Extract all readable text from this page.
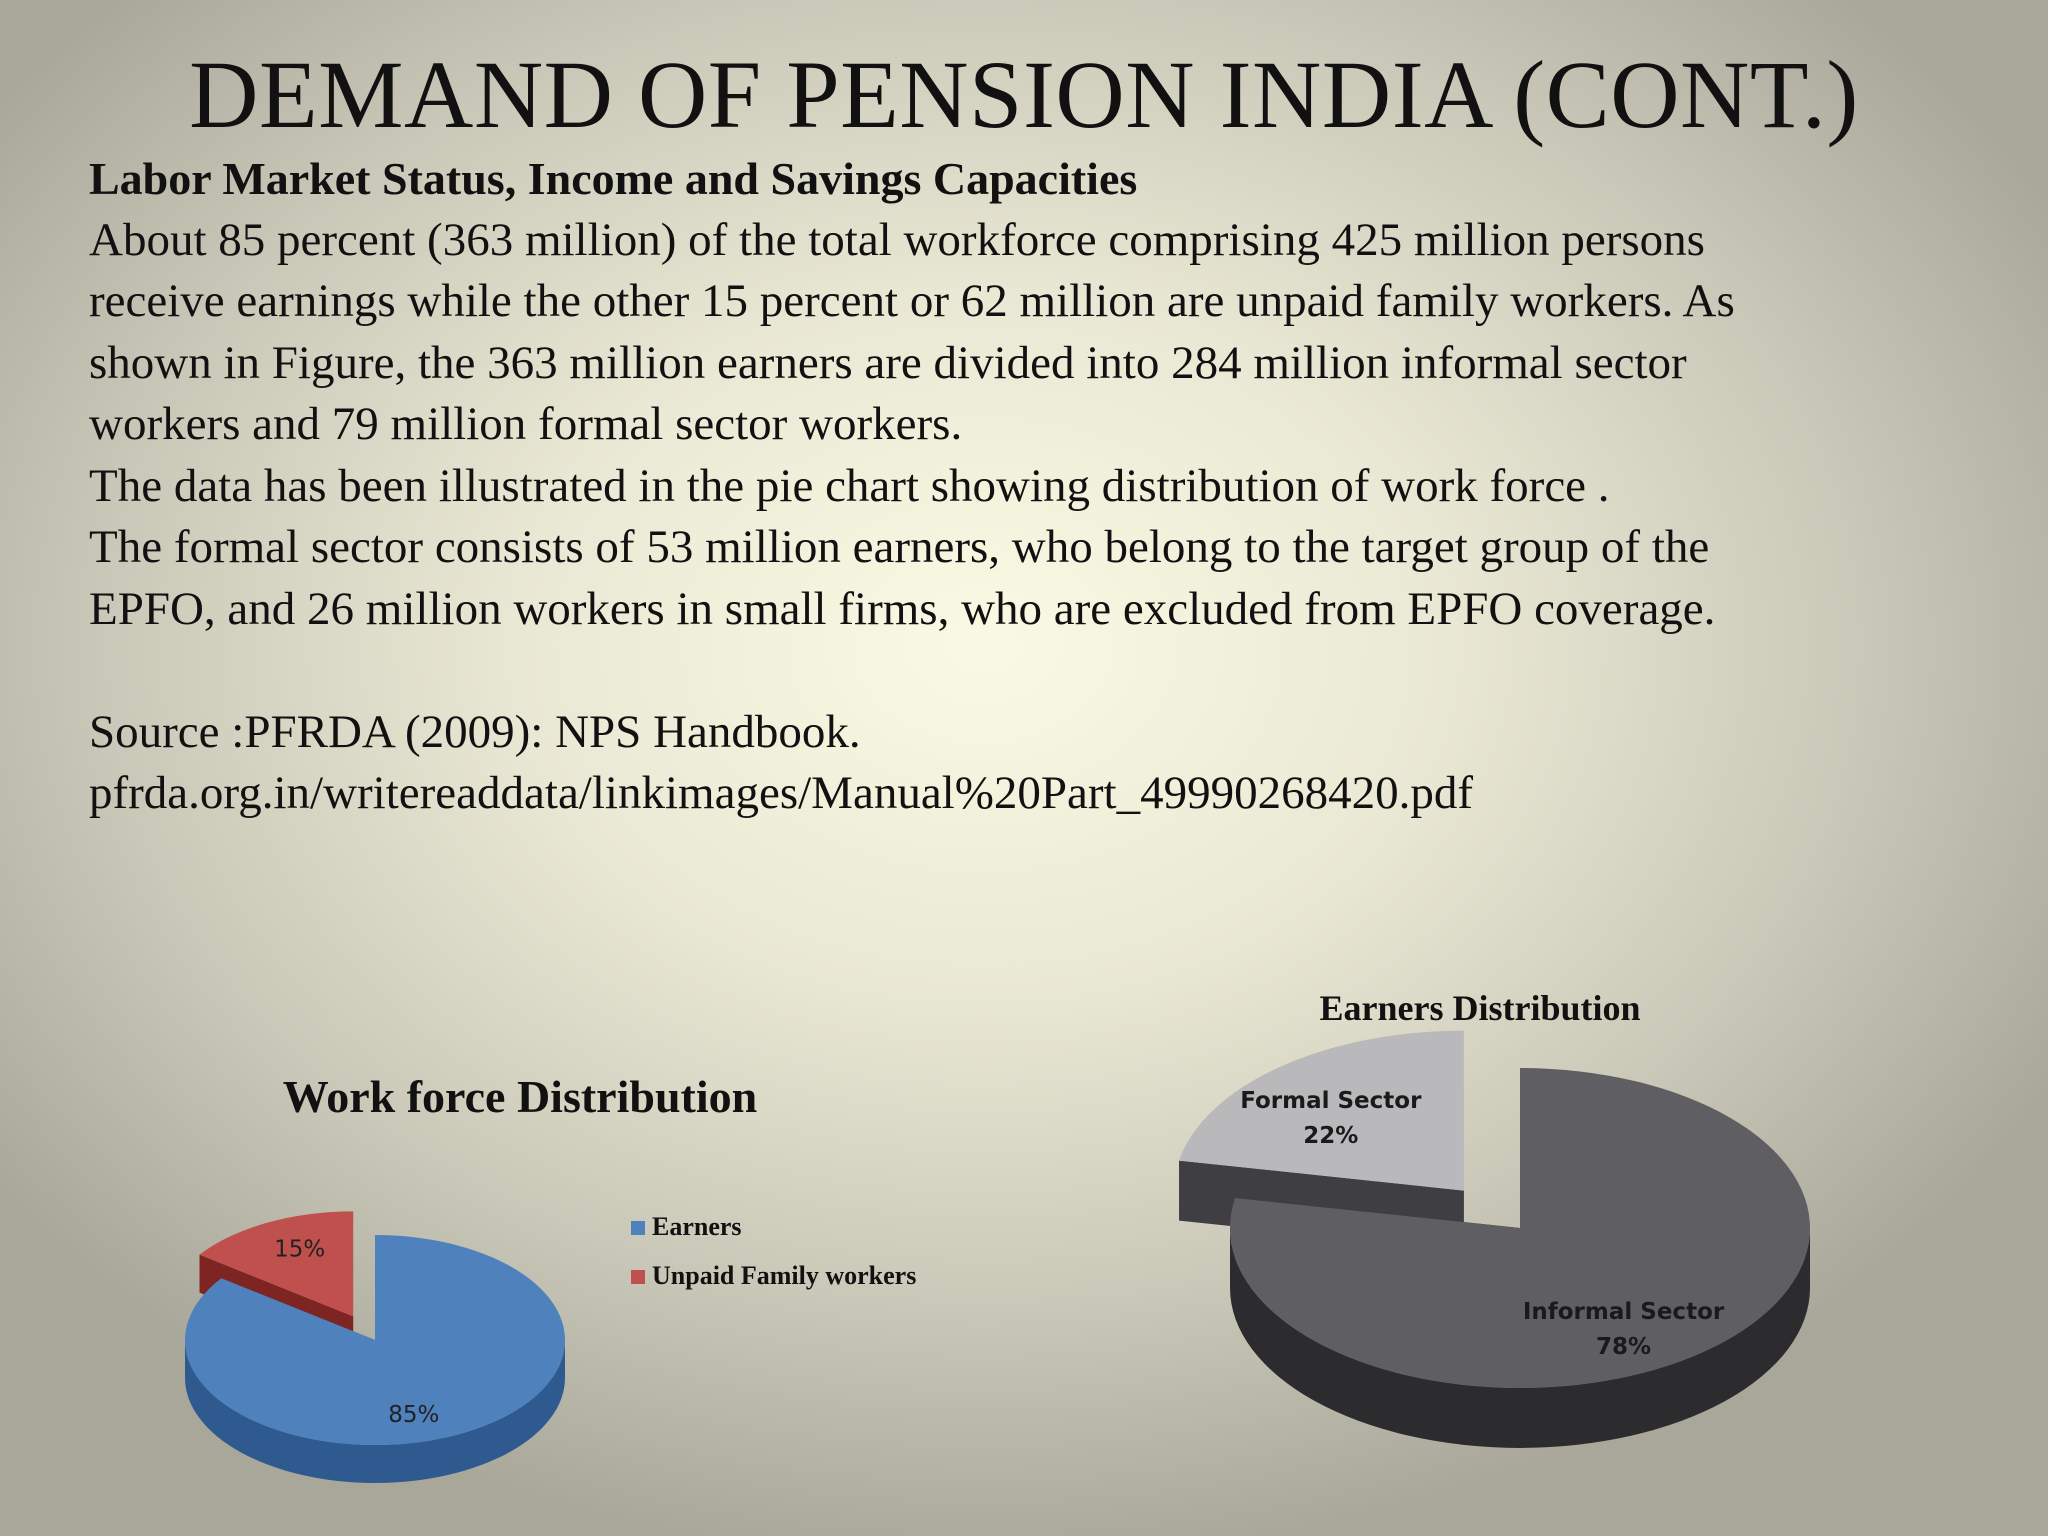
DEMAND OF PENSION INDIA (CONT.)

Labor Market Status, Income and Savings Capacities

About 85 percent (363 million) of the total workforce comprising 425 million persons receive earnings while the other 15 percent or 62 million are unpaid family workers. As shown in Figure, the 363 million earners are divided into 284 million informal sector workers and 79 million formal sector workers.

The data has been illustrated in the pie chart showing distribution of work force .

The formal sector consists of 53 million earners, who belong to the target group of the EPFO, and 26 million workers in small firms, who are excluded from EPFO coverage.

Source :PFRDA (2009): NPS Handbook.

pfrda.org.in/writereaddata/linkimages/Manual%20Part_49990268420.pdf

Work force Distribution
85%
15%
Earners
Unpaid Family workers
Earners Distribution
Informal Sector
78%
Formal Sector
22%
